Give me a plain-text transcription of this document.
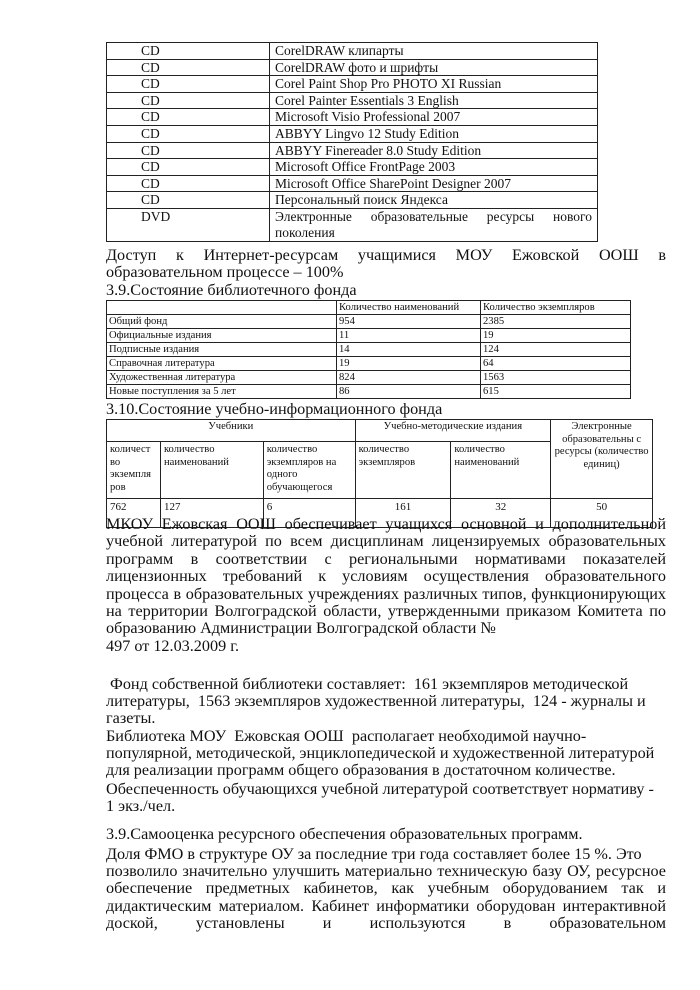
CD	CorelDRAW клипарты
CD	CorelDRAW фото и шрифты
CD	Corel Paint Shop Pro PHOTO XI Russian
CD	Corel Painter Essentials 3 English
CD	Microsoft Visio Professional 2007
CD	ABBYY Lingvo 12 Study Edition
CD	ABBYY Finereader 8.0 Study Edition
CD	Microsoft Office FrontPage 2003
CD	Microsoft Office SharePoint Designer 2007
CD	Персональный поиск Яндекса
DVD	Электронные образовательные ресурсы нового
поколения
Доступ к Интернет-ресурсам учащимися МОУ Ежовской ООШ в
образовательном процессе – 100%
3.9.Состояние библиотечного фонда
	Количество наименований	Количество экземпляров
Общий фонд	954	2385
Официальные издания	11	19
Подписные издания	14	124
Справочная литература	19	64
Художественная литература	824	1563
Новые поступления за 5 лет	86	615
3.10.Состояние учебно-информационного фонда
Учебники			Учебно-методические издания		Электронные образовательны с ресурсы (количество единиц)
количест во экземпля ров	количество наименований	количество экземпляров на одного обучающегося	количество экземпляров	количество наименований	
762	127	6	161	32	50
МКОУ Ежовская ООШ обеспечивает учащихся основной и дополнительной учебной литературой по всем дисциплинам лицензируемых образовательных программ в соответствии с региональными нормативами показателей лицензионных требований к условиям осуществления образовательного процесса в образовательных учреждениях различных типов, функционирующих на территории Волгоградской области, утвержденными приказом Комитета по образованию Администрации Волгоградской области №
497 от 12.03.2009 г.
Фонд собственной библиотеки составляет:  161 экземпляров методической
литературы,  1563 экземпляров художественной литературы,  124 - журналы и
газеты.
Библиотека МОУ  Ежовская ООШ  располагает необходимой научно-
популярной, методической, энциклопедической и художественной литературой
для реализации программ общего образования в достаточном количестве.
Обеспеченность обучающихся учебной литературой соответствует нормативу -
1 экз./чел.
3.9.Самооценка ресурсного обеспечения образовательных программ.
Доля ФМО в структуре ОУ за последние три года составляет более 15 %. Это
позволило значительно улучшить материально техническую базу ОУ, ресурсное обеспечение предметных кабинетов, как учебным оборудованием так и дидактическим материалом. Кабинет информатики оборудован интерактивной доской, установлены и используются в образовательном
